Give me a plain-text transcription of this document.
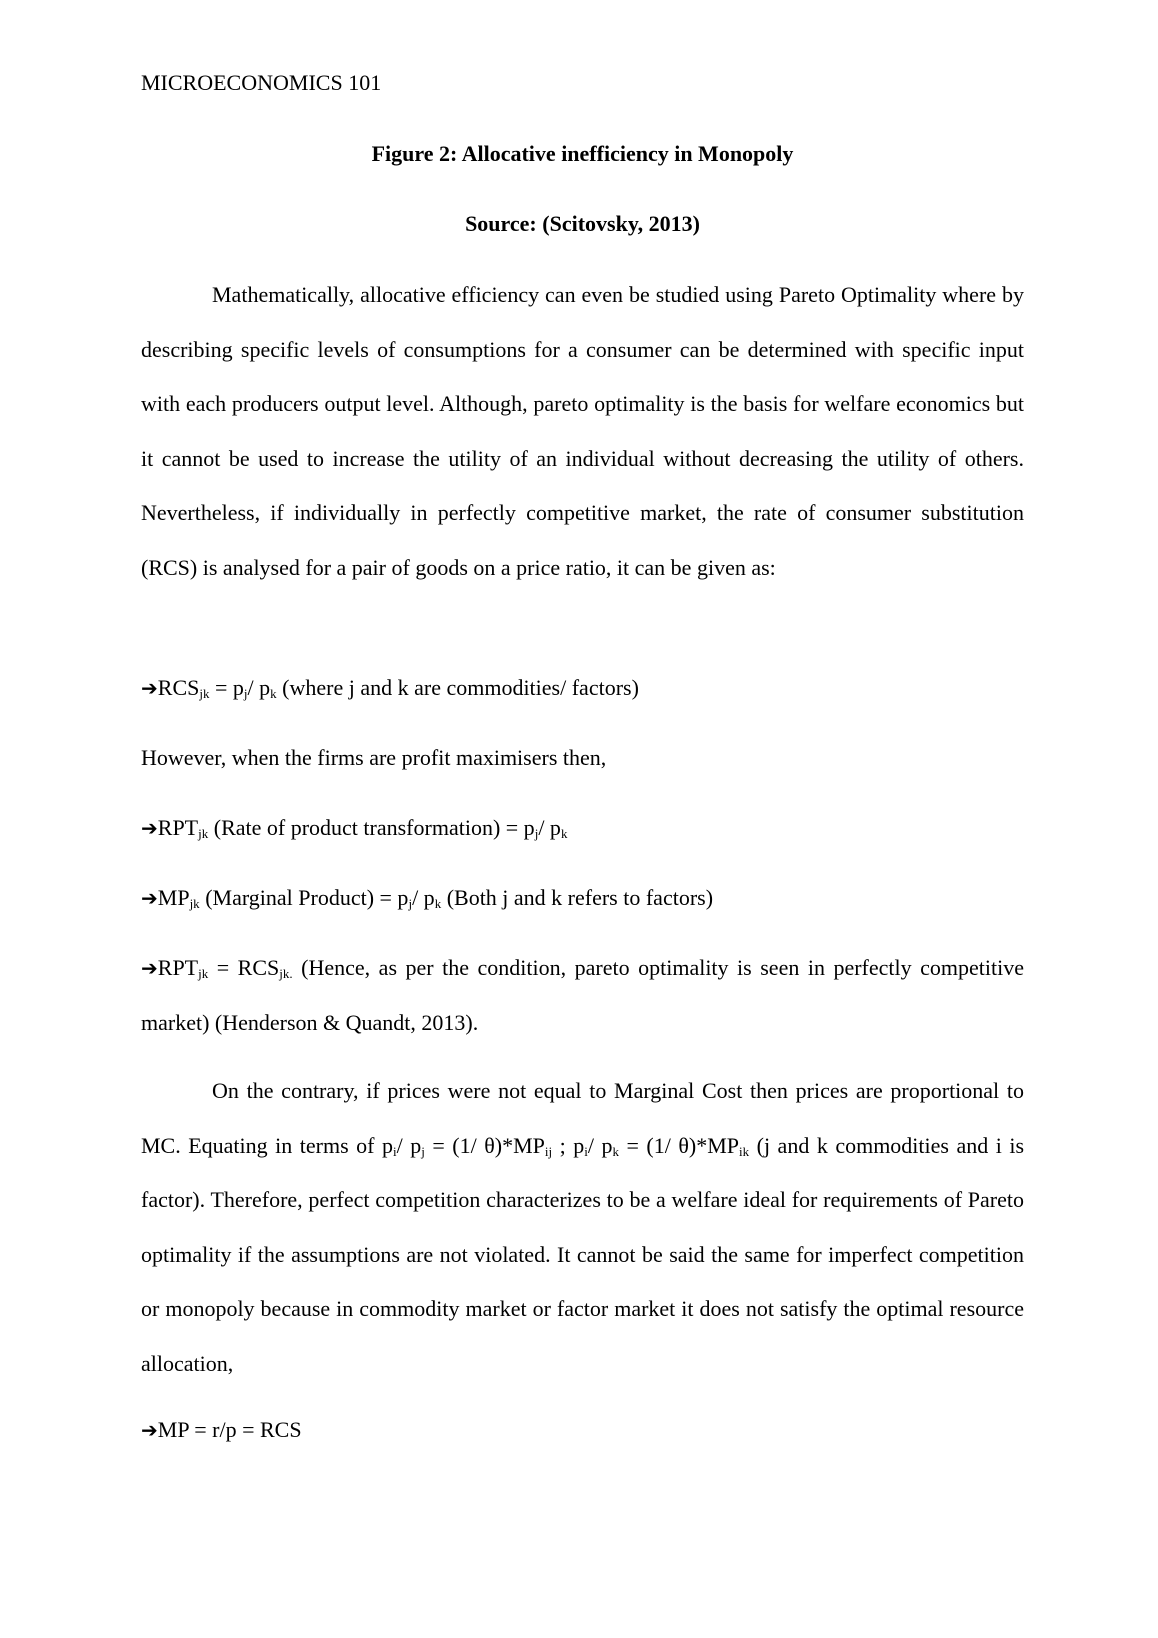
MICROECONOMICS 101
Figure 2: Allocative inefficiency in Monopoly
Source: (Scitovsky, 2013)

Mathematically, allocative efficiency can even be studied using Pareto Optimality where by describing specific levels of consumptions for a consumer can be determined with specific input with each producers output level. Although, pareto optimality is the basis for welfare economics but it cannot be used to increase the utility of an individual without decreasing the utility of others. Nevertheless, if individually in perfectly competitive market, the rate of consumer substitution (RCS) is analysed for a pair of goods on a price ratio, it can be given as:

$➔RCS_{jk} = p_j/$ $p_k$ (where j and k are commodities/ factors)
However, when the firms are profit maximisers then,
$➔RPT_{jk}$ (Rate of product transformation) = $p_j/$ $p_k$
$➔MP_{jk}$ (Marginal Product) = $p_j/$ $p_k$ (Both j and k refers to factors)

$➔RPT_{jk} = RCS_{jk.}$ (Hence, as per the condition, pareto optimality is seen in perfectly competitive market) (Henderson & Quandt, 2013).

On the contrary, if prices were not equal to Marginal Cost then prices are proportional to MC. Equating in terms of $p_i/$ $p_j = (1/$ $\theta)*MP_{ij}$ ; $p_i/$ $p_k = (1/$ $\theta)*MP_{ik}$ (j and k commodities and i is factor). Therefore, perfect competition characterizes to be a welfare ideal for requirements of Pareto optimality if the assumptions are not violated. It cannot be said the same for imperfect competition or monopoly because in commodity market or factor market it does not satisfy the optimal resource allocation,

➔MP = r/p = RCS
